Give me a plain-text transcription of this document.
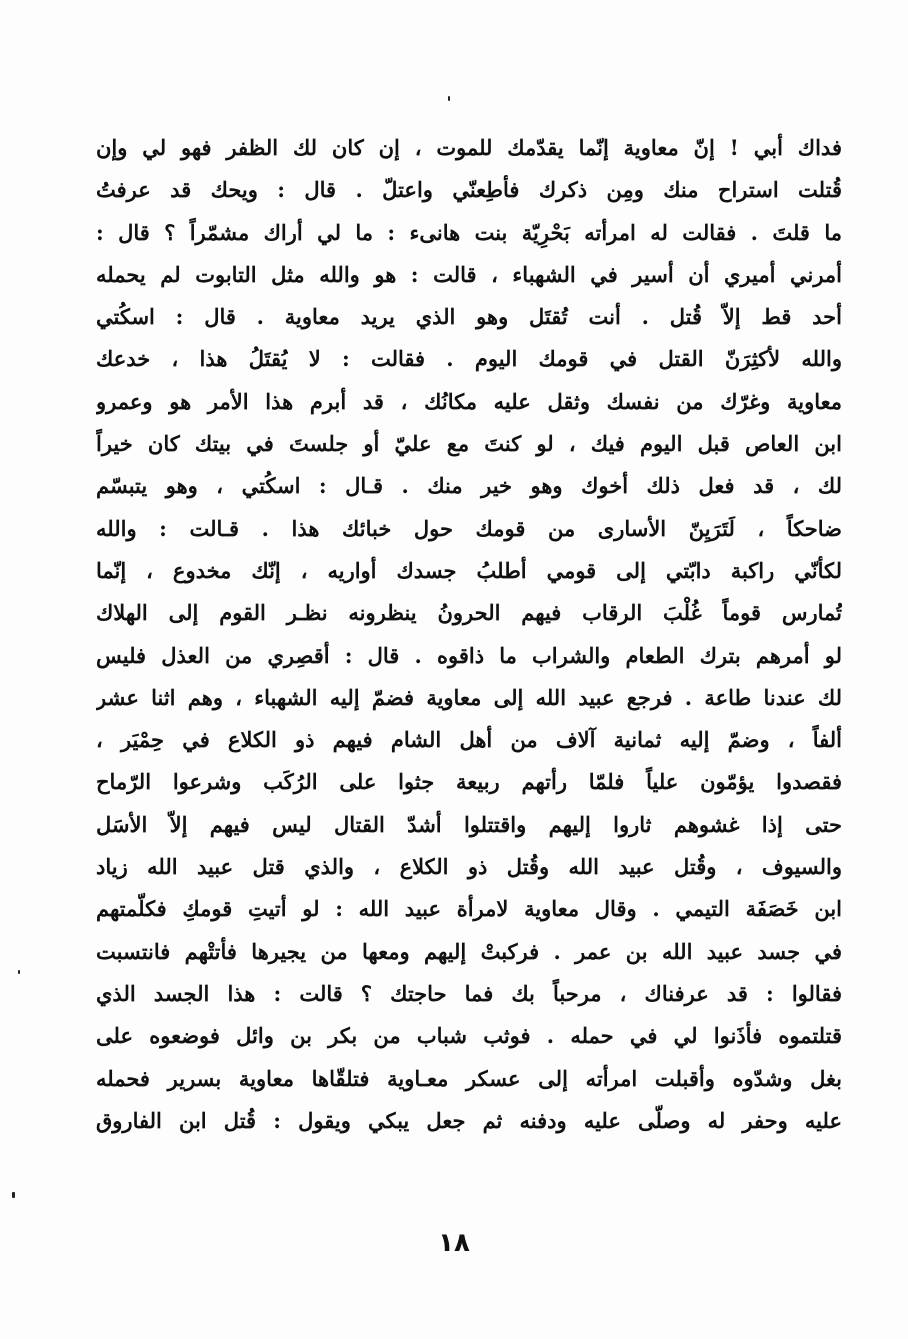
فداك أبي ! إنّ معاوية إنّما يقدّمك للموت ، إن كان لك الظفر فهو لي وإن
قُتلت استراح منك ومِن ذكرك فأطِعنّي واعتلّ . قال : ويحك قد عرفتُ
ما قلتَ . فقالت له امرأته بَحْرِيّة بنت هانىء : ما لي أراك مشمّراً ؟ قال :
أمرني أميري أن أسير في الشهباء ، قالت : هو والله مثل التابوت لم يحمله
أحد قط إلاّ قُتل . أنت تُقتَل وهو الذي يريد معاوية . قال : اسكُتي
والله لأكثِرَنّ القتل في قومك اليوم . فقالت : لا يُقتَلُ هذا ، خدعك
معاوية وغرّك من نفسك وثقل عليه مكانُك ، قد أبرم هذا الأمر هو وعمرو
ابن العاص قبل اليوم فيك ، لو كنتَ مع عليّ أو جلستَ في بيتك كان خيراً
لك ، قد فعل ذلك أخوك وهو خير منك . قـال : اسكُتي ، وهو يتبسّم
ضاحكاً ، لَتَرَيِنّ الأسارى من قومك حول خبائك هذا . قـالت : والله
لكأنّي راكبة دابّتي إلى قومي أطلبُ جسدك أواريه ، إنّك مخدوع ، إنّما
تُمارس قوماً غُلْبَ الرقاب فيهم الحرونُ ينظرونه نظـر القوم إلى الهلاك
لو أمرهم بترك الطعام والشراب ما ذاقوه . قال : أقصِري من العذل فليس
لك عندنا طاعة . فرجع عبيد الله إلى معاوية فضمّ إليه الشهباء ، وهم اثنا عشر
ألفاً ، وضمّ إليه ثمانية آلاف من أهل الشام فيهم ذو الكلاع في حِمْيَر ،
فقصدوا يؤمّون علياً فلمّا رأتهم ربيعة جثوا على الرُكَب وشرعوا الرّماح
حتى إذا غشوهم ثاروا إليهم واقتتلوا أشدّ القتال ليس فيهم إلاّ الأسَل
والسيوف ، وقُتل عبيد الله وقُتل ذو الكلاع ، والذي قتل عبيد الله زياد
ابن خَصَفَة التيمي . وقال معاوية لامرأة عبيد الله : لو أتيتِ قومكِ فكلّمتهم
في جسد عبيد الله بن عمر . فركبتْ إليهم ومعها من يجيرها فأتتْهم فانتسبت
فقالوا : قد عرفناك ، مرحباً بك فما حاجتك ؟ قالت : هذا الجسد الذي
قتلتموه فأذَنوا لي في حمله . فوثب شباب من بكر بن وائل فوضعوه على
بغل وشدّوه وأقبلت امرأته إلى عسكر معـاوية فتلقّاها معاوية بسرير فحمله
عليه وحفر له وصلّى عليه ودفنه ثم جعل يبكي ويقول : قُتل ابن الفاروق
١٨
